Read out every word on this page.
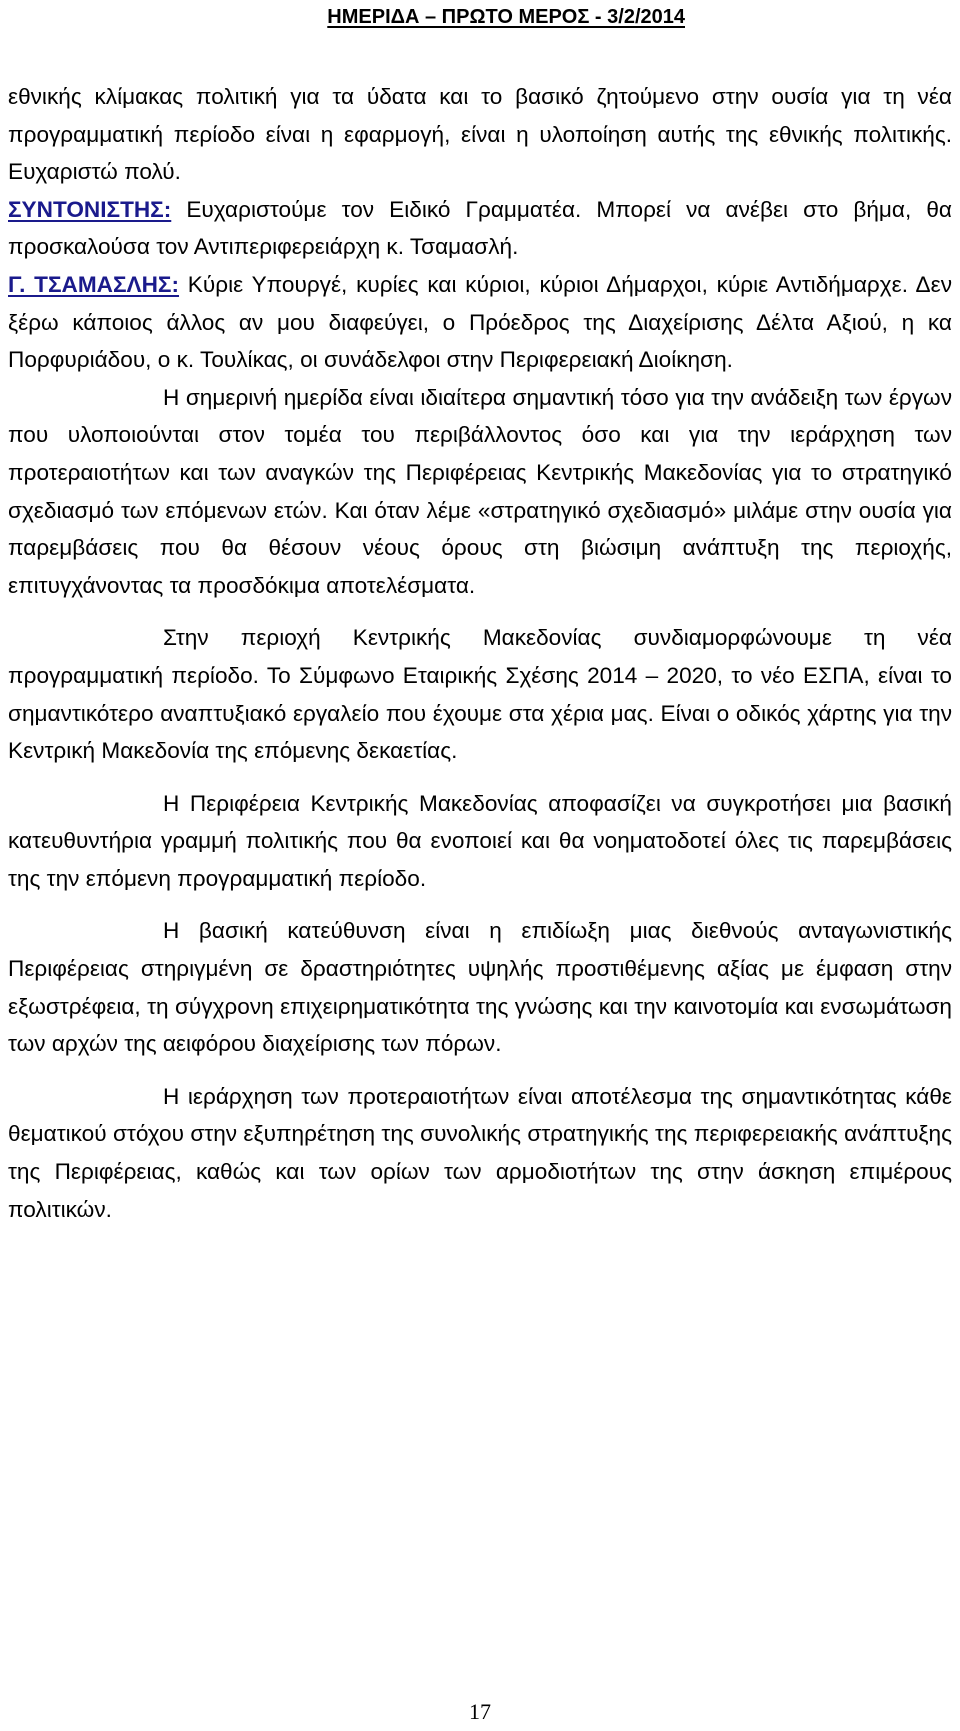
ΗΜΕΡΙΔΑ – ΠΡΩΤΟ ΜΕΡΟΣ - 3/2/2014

εθνικής κλίμακας πολιτική για τα ύδατα και το βασικό ζητούμενο στην ουσία για τη νέα προγραμματική περίοδο είναι η εφαρμογή, είναι η υλοποίηση αυτής της εθνικής πολιτικής. Ευχαριστώ πολύ.

ΣΥΝΤΟΝΙΣΤΗΣ: Ευχαριστούμε τον Ειδικό Γραμματέα. Μπορεί να ανέβει στο βήμα, θα προσκαλούσα τον Αντιπεριφερειάρχη κ. Τσαμασλή.

Γ. ΤΣΑΜΑΣΛΗΣ: Κύριε Υπουργέ, κυρίες και κύριοι, κύριοι Δήμαρχοι, κύριε Αντιδήμαρχε. Δεν ξέρω κάποιος άλλος αν μου διαφεύγει, ο Πρόεδρος της Διαχείρισης Δέλτα Αξιού, η κα Πορφυριάδου, ο κ. Τουλίκας, οι συνάδελφοι στην Περιφερειακή Διοίκηση.

Η σημερινή ημερίδα είναι ιδιαίτερα σημαντική τόσο για την ανάδειξη των έργων που υλοποιούνται στον τομέα του περιβάλλοντος όσο και για την ιεράρχηση των προτεραιοτήτων και των αναγκών της Περιφέρειας Κεντρικής Μακεδονίας για το στρατηγικό σχεδιασμό των επόμενων ετών. Και όταν λέμε «στρατηγικό σχεδιασμό» μιλάμε στην ουσία για παρεμβάσεις που θα θέσουν νέους όρους στη βιώσιμη ανάπτυξη της περιοχής, επιτυγχάνοντας τα προσδόκιμα αποτελέσματα.

Στην περιοχή Κεντρικής Μακεδονίας συνδιαμορφώνουμε τη νέα προγραμματική περίοδο. Το Σύμφωνο Εταιρικής Σχέσης 2014 – 2020, το νέο ΕΣΠΑ, είναι το σημαντικότερο αναπτυξιακό εργαλείο που έχουμε στα χέρια μας. Είναι ο οδικός χάρτης για την Κεντρική Μακεδονία της επόμενης δεκαετίας.

Η Περιφέρεια Κεντρικής Μακεδονίας αποφασίζει να συγκροτήσει μια βασική κατευθυντήρια γραμμή πολιτικής που θα ενοποιεί και θα νοηματοδοτεί όλες τις παρεμβάσεις της την επόμενη προγραμματική περίοδο.

Η βασική κατεύθυνση είναι η επιδίωξη μιας διεθνούς ανταγωνιστικής Περιφέρειας στηριγμένη σε δραστηριότητες υψηλής προστιθέμενης αξίας με έμφαση στην εξωστρέφεια, τη σύγχρονη επιχειρηματικότητα της γνώσης και την καινοτομία και ενσωμάτωση των αρχών της αειφόρου διαχείρισης των πόρων.

Η ιεράρχηση των προτεραιοτήτων είναι αποτέλεσμα της σημαντικότητας κάθε θεματικού στόχου στην εξυπηρέτηση της συνολικής στρατηγικής της περιφερειακής ανάπτυξης της Περιφέρειας, καθώς και των ορίων των αρμοδιοτήτων της στην άσκηση επιμέρους πολιτικών.

17
